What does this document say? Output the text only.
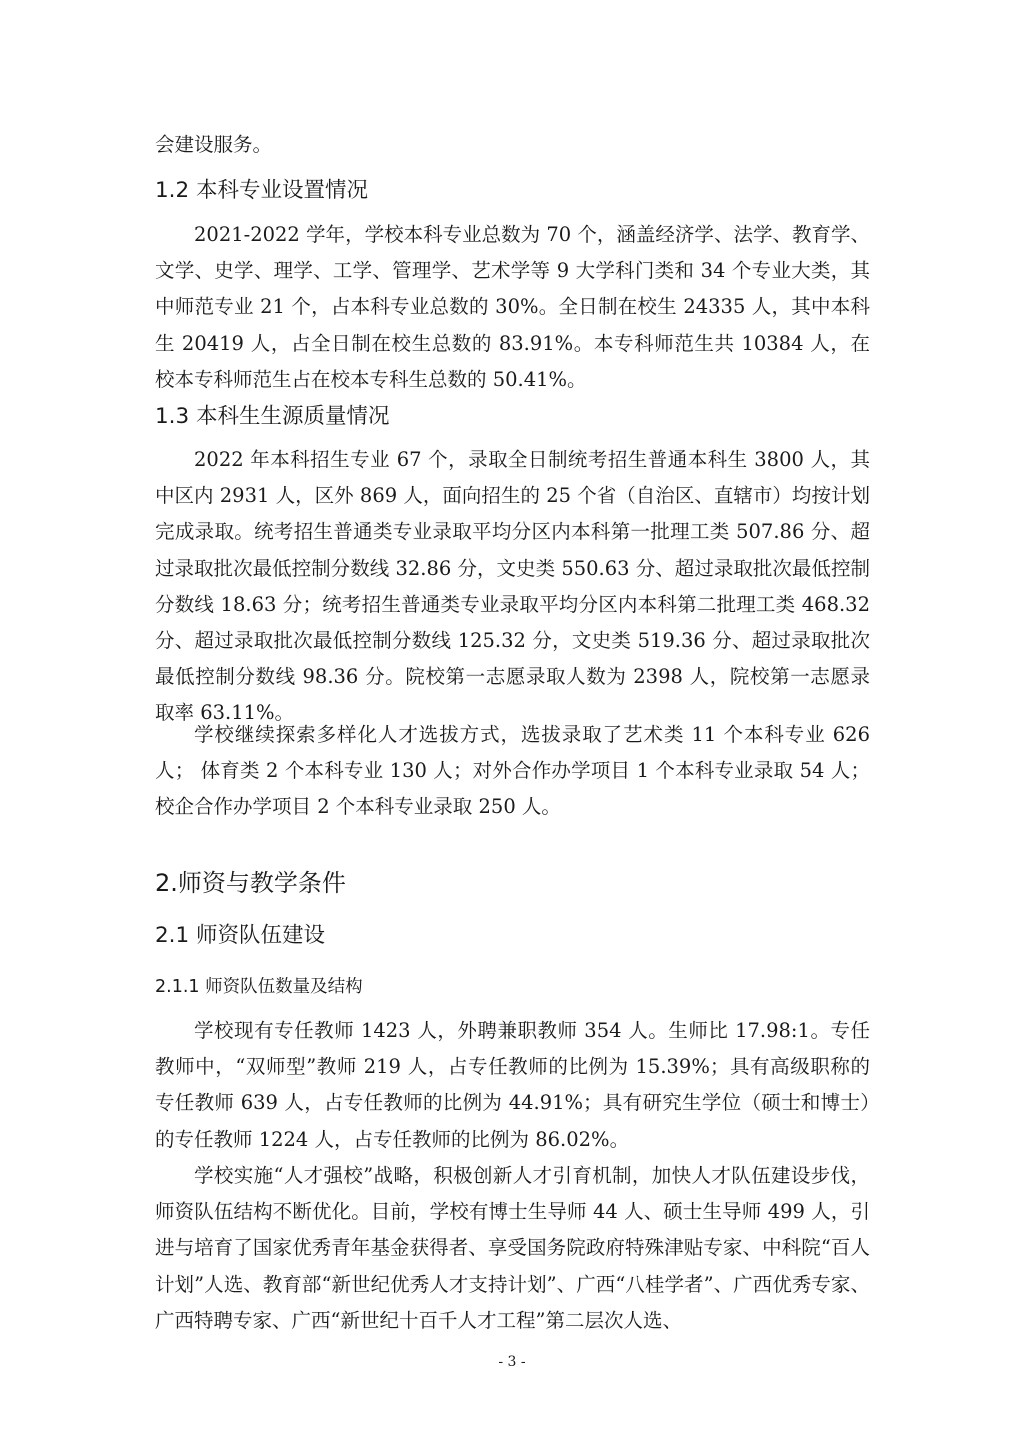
会建设服务。

1.2 本科专业设置情况

2021-2022 学年，学校本科专业总数为 70 个，涵盖经济学、法学、教育学、文学、史学、理学、工学、管理学、艺术学等 9 大学科门类和 34 个专业大类，其中师范专业 21 个，占本科专业总数的 30%。全日制在校生 24335 人，其中本科生 20419 人，占全日制在校生总数的 83.91%。本专科师范生共 10384 人，在校本专科师范生占在校本专科生总数的 50.41%。

1.3 本科生生源质量情况

2022 年本科招生专业 67 个，录取全日制统考招生普通本科生 3800 人，其中区内 2931 人，区外 869 人，面向招生的 25 个省（自治区、直辖市）均按计划完成录取。统考招生普通类专业录取平均分区内本科第一批理工类 507.86 分、超过录取批次最低控制分数线 32.86 分，文史类 550.63 分、超过录取批次最低控制分数线 18.63 分；统考招生普通类专业录取平均分区内本科第二批理工类 468.32 分、超过录取批次最低控制分数线 125.32 分，文史类 519.36 分、超过录取批次最低控制分数线 98.36 分。院校第一志愿录取人数为 2398 人，院校第一志愿录取率 63.11%。

学校继续探索多样化人才选拔方式，选拔录取了艺术类 11 个本科专业 626 人； 体育类 2 个本科专业 130 人；对外合作办学项目 1 个本科专业录取 54 人；校企合作办学项目 2 个本科专业录取 250 人。

2.师资与教学条件
2.1 师资队伍建设
2.1.1 师资队伍数量及结构

学校现有专任教师 1423 人，外聘兼职教师 354 人。生师比 17.98:1。专任教师中，“双师型”教师 219 人，占专任教师的比例为 15.39%；具有高级职称的专任教师 639 人，占专任教师的比例为 44.91%；具有研究生学位（硕士和博士）的专任教师 1224 人，占专任教师的比例为 86.02%。

学校实施“人才强校”战略，积极创新人才引育机制，加快人才队伍建设步伐，师资队伍结构不断优化。目前，学校有博士生导师 44 人、硕士生导师 499 人，引进与培育了国家优秀青年基金获得者、享受国务院政府特殊津贴专家、中科院“百人计划”人选、教育部“新世纪优秀人才支持计划”、广西“八桂学者”、广西优秀专家、广西特聘专家、广西“新世纪十百千人才工程”第二层次人选、

- 3 -
